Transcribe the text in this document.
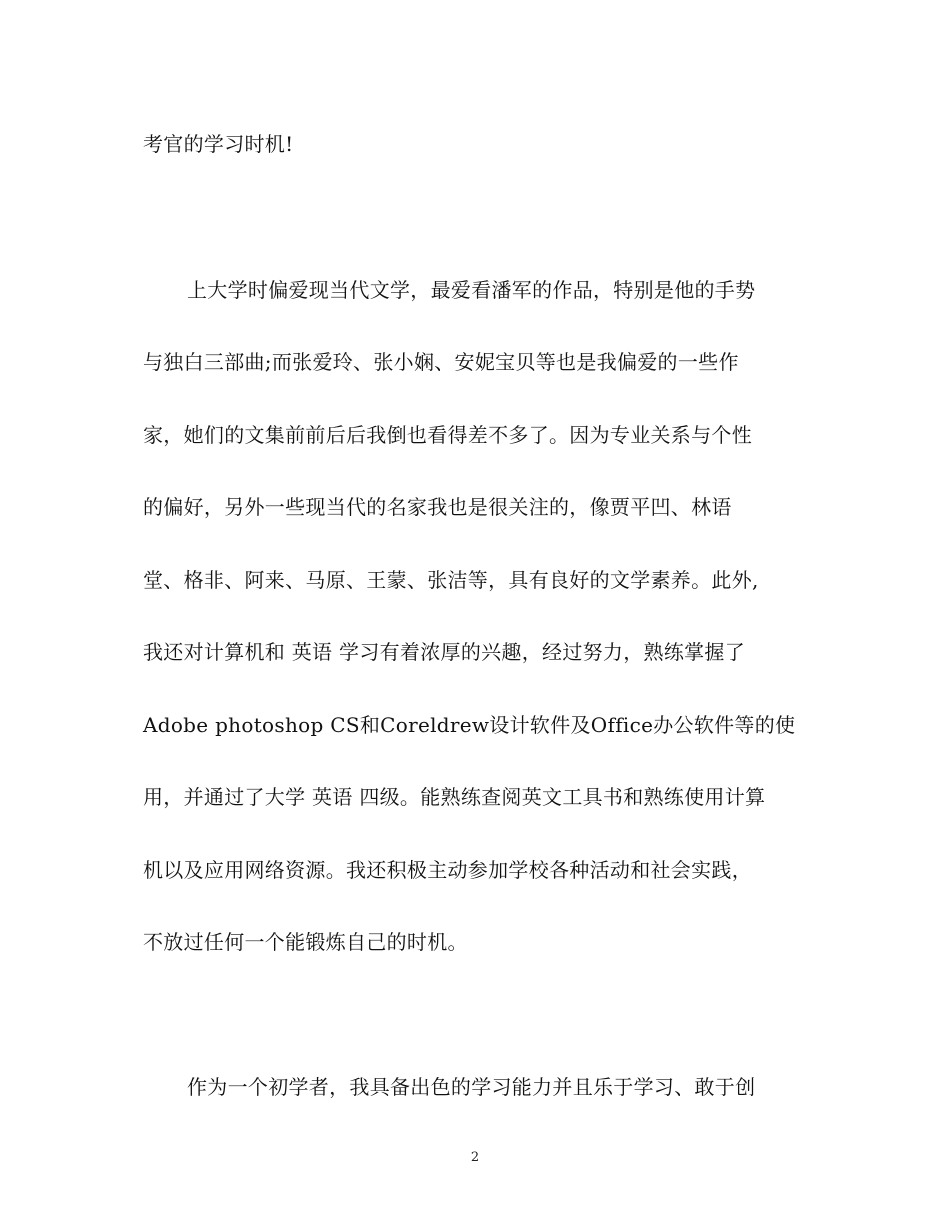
考官的学习时机!
上大学时偏爱现当代文学，最爱看潘军的作品，特别是他的手势
与独白三部曲;而张爱玲、张小娴、安妮宝贝等也是我偏爱的一些作
家，她们的文集前前后后我倒也看得差不多了。因为专业关系与个性
的偏好，另外一些现当代的名家我也是很关注的，像贾平凹、林语
堂、格非、阿来、马原、王蒙、张洁等，具有良好的文学素养。此外,
我还对计算机和 英语 学习有着浓厚的兴趣，经过努力，熟练掌握了
Adobe photoshop CS和Coreldrew设计软件及Office办公软件等的使
用，并通过了大学 英语 四级。能熟练查阅英文工具书和熟练使用计算
机以及应用网络资源。我还积极主动参加学校各种活动和社会实践，
不放过任何一个能锻炼自己的时机。
作为一个初学者，我具备出色的学习能力并且乐于学习、敢于创
2
